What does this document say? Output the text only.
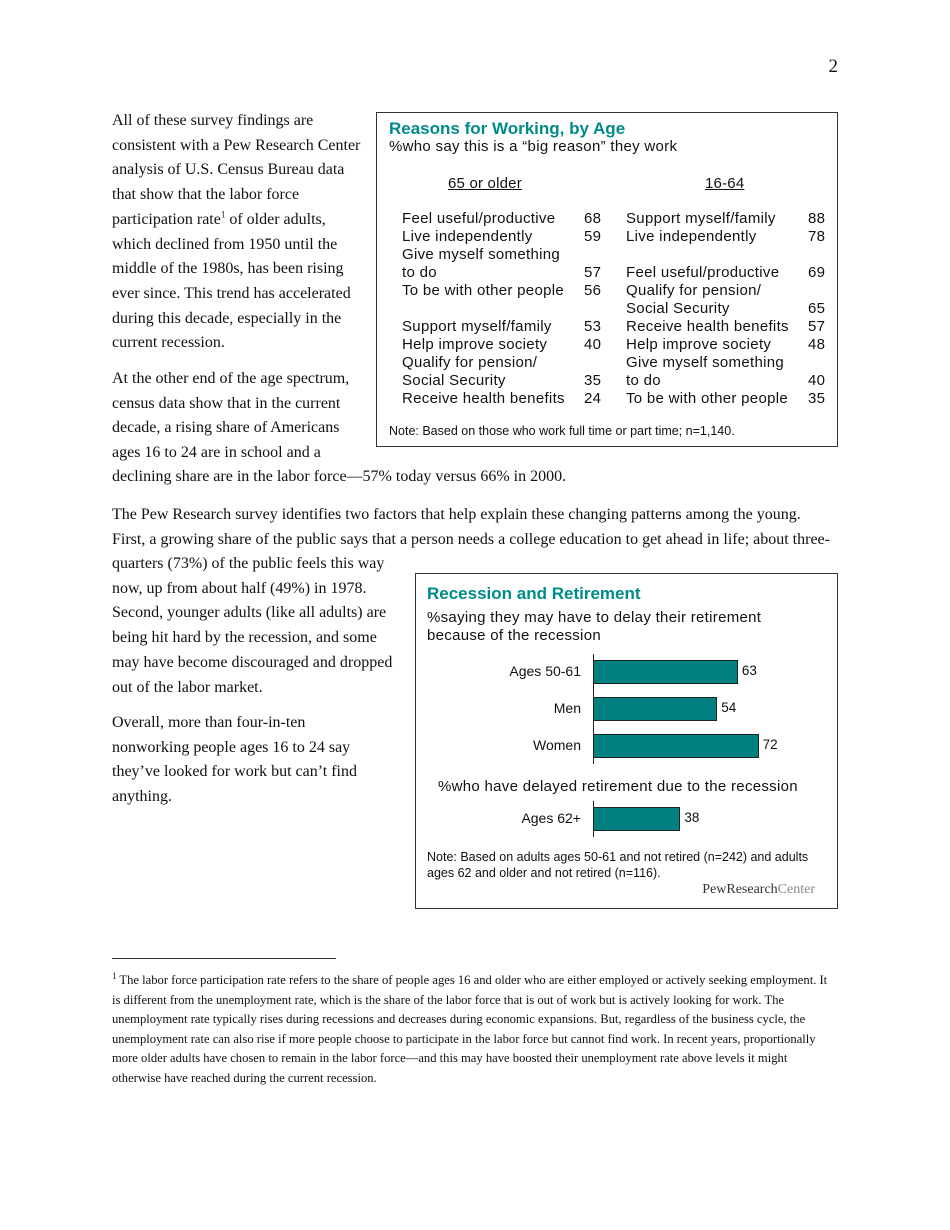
2

All of these survey findings are consistent with a Pew Research Center analysis of U.S. Census Bureau data that show that the labor force participation rate$^1$ of older adults, which declined from 1950 until the middle of the 1980s, has been rising ever since. This trend has accelerated during this decade, especially in the current recession.

At the other end of the age spectrum, census data show that in the current decade, a rising share of Americans ages 16 to 24 are in school and a

declining share are in the labor force—57% today versus 66% in 2000.

The Pew Research survey identifies two factors that help explain these changing patterns among the young.

First, a growing share of the public says that a person needs a college education to get ahead in life; about three-

quarters (73%) of the public feels this way now, up from about half (49%) in 1978. Second, younger adults (like all adults) are being hit hard by the recession, and some may have become discouraged and dropped out of the labor market.

Overall, more than four-in-ten nonworking people ages 16 to 24 say they’ve looked for work but can’t find anything.

Reasons for Working, by Age
%who say this is a “big reason” they work
65 or older	16-64
Feel useful/productive	68
Live independently	59
Give myself something
to do	57
To be with other people	56

Support myself/family	53
Help improve society	40
Qualify for pension/
Social Security	35
Receive health benefits	24
Support myself/family	88
Live independently	78

Feel useful/productive	69
Qualify for pension/
Social Security	65
Receive health benefits	57
Help improve society	48
Give myself something
to do	40
To be with other people	35
Note: Based on those who work full time or part time; n=1,140.
Recession and Retirement
%saying they may have to delay their retirement because of the recession
%who have delayed retirement due to the recession
Note: Based on adults ages 50-61 and not retired (n=242) and adults ages 62 and older and not retired (n=116).
PewResearchCenter
Ages 50-61	63
Men	54
Women	72
Ages 62+	38

$^1$ The labor force participation rate refers to the share of people ages 16 and older who are either employed or actively seeking employment. It is different from the unemployment rate, which is the share of the labor force that is out of work but is actively looking for work. The unemployment rate typically rises during recessions and decreases during economic expansions. But, regardless of the business cycle, the unemployment rate can also rise if more people choose to participate in the labor force but cannot find work. In recent years, proportionally more older adults have chosen to remain in the labor force—and this may have boosted their unemployment rate above levels it might otherwise have reached during the current recession.
